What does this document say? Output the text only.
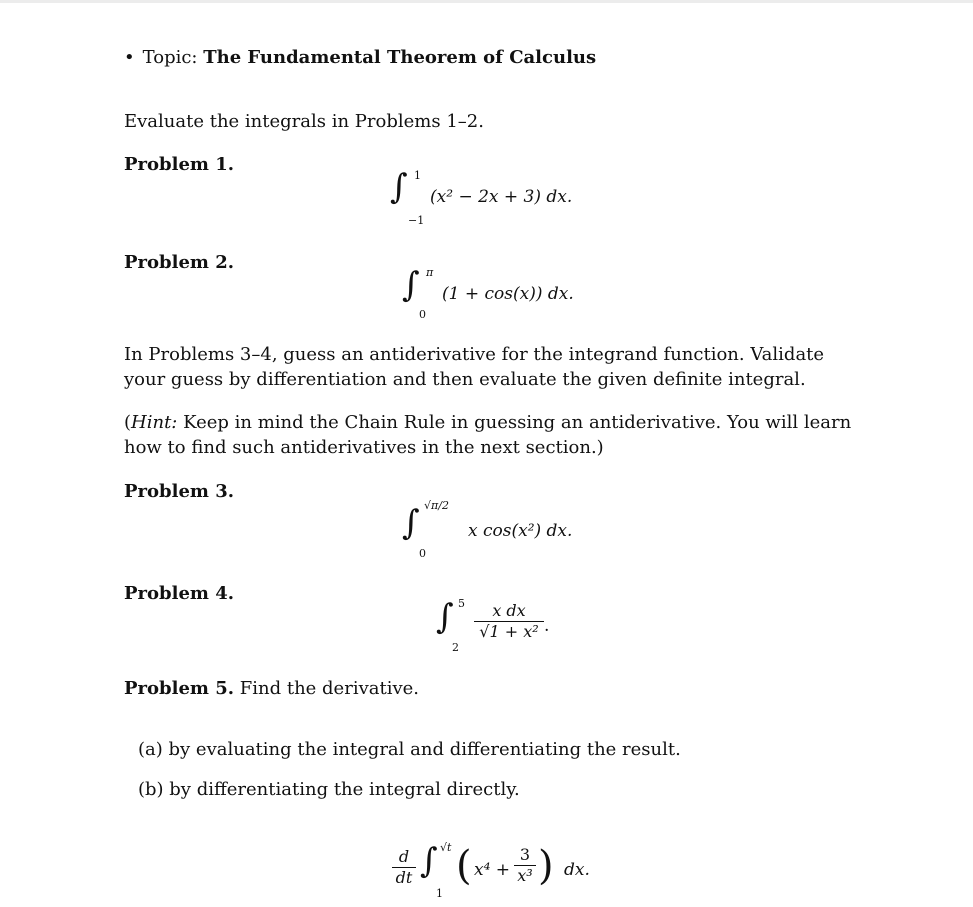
• Topic: The Fundamental Theorem of Calculus
Evaluate the integrals in Problems 1–2.
Problem 1.
∫ 1
−1
(x² − 2x + 3) dx.
Problem 2.
∫ π
0
(1 + cos(x)) dx.
In Problems 3–4, guess an antiderivative for the integrand function. Validate your guess by differentiation and then evaluate the given definite integral.
(Hint: Keep in mind the Chain Rule in guessing an antiderivative. You will learn how to find such antiderivatives in the next section.)
Problem 3.
∫ √π/2
0
x cos(x²) dx.
Problem 4.
∫ 5
2
x dx
√1 + x² .
Problem 5. Find the derivative.
(a) by evaluating the integral and differentiating the result.
(b) by differentiating the integral directly.
d
dt ∫ √t
1
( x⁴ +
3
x³ ) dx.
